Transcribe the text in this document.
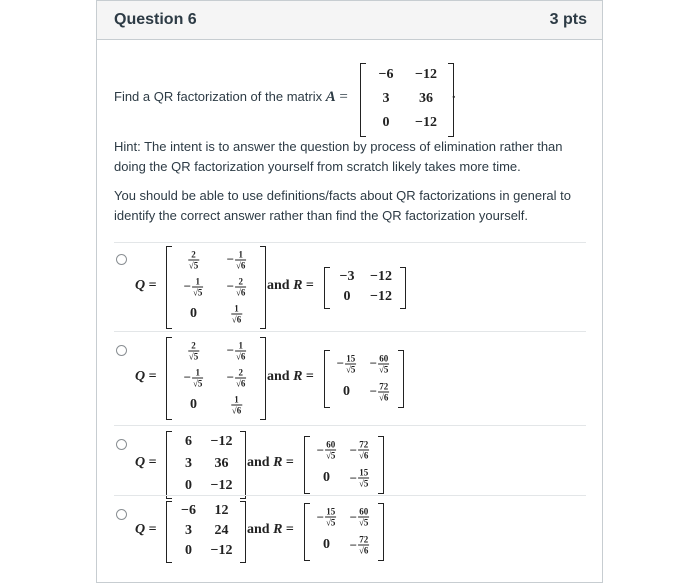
Question 6	3 pts
Find a QR factorization of the matrix A =
Hint: The intent is to answer the question by process of elimination rather than doing the QR factorization yourself from scratch likely takes more time.
You should be able to use definitions/facts about QR factorizations in general to identify the correct answer rather than find the QR factorization yourself.
Q =
$\frac{2}{√5} - \frac{1}{√6}$
− $\frac{1}{√5} - \frac{2}{√6}$
0	$\frac{1}{√6}$
and R =
−3 −12
0 −12
Q =
$\frac{2}{√5} - \frac{1}{√6}$
− $\frac{1}{√5} - \frac{2}{√6}$
0	$\frac{1}{√6}$
and R =
− $\frac{15}{√5} - \frac{60}{√5}$
$0 - \frac{72}{√6}$
Q =
6 −12
3 36
0 −12
and R =
− $\frac{60}{√5} - \frac{72}{√6}$
$0 - \frac{15}{√5}$
Q =
−6 12
3 24
0 −12
and R =
− $\frac{15}{√5} - \frac{60}{√5}$
$0 - \frac{72}{√6}$
−6 −12
3 36
0 −12
.
